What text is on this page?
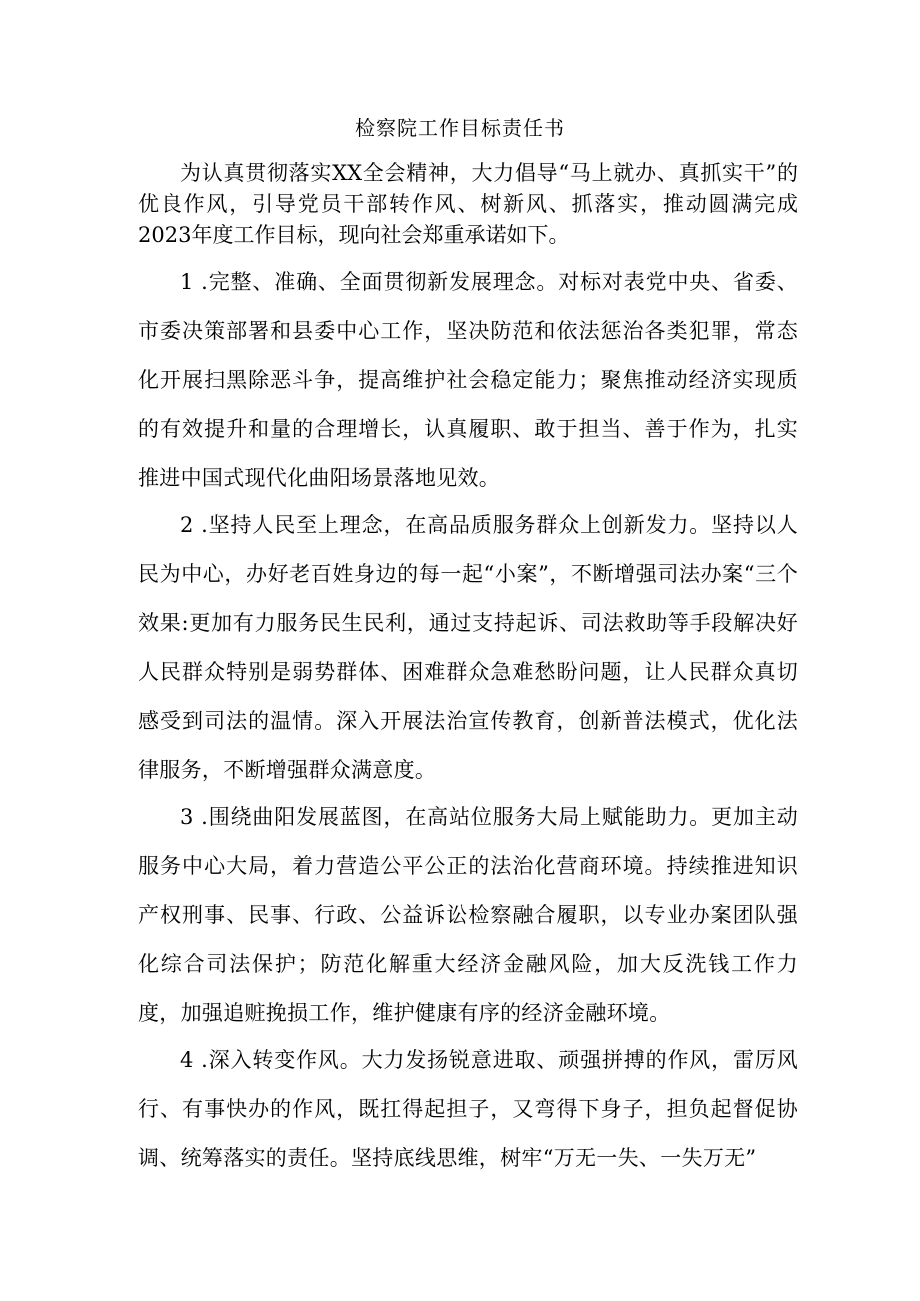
检察院工作目标责任书

为认真贯彻落实XX全会精神，大力倡导“马上就办、真抓实干”的优良作风，引导党员干部转作风、树新风、抓落实，推动圆满完成2023年度工作目标，现向社会郑重承诺如下。

1 .完整、准确、全面贯彻新发展理念。对标对表党中央、省委、市委决策部署和县委中心工作，坚决防范和依法惩治各类犯罪，常态化开展扫黑除恶斗争，提高维护社会稳定能力；聚焦推动经济实现质的有效提升和量的合理增长，认真履职、敢于担当、善于作为，扎实推进中国式现代化曲阳场景落地见效。

2 .坚持人民至上理念，在高品质服务群众上创新发力。坚持以人民为中心，办好老百姓身边的每一起“小案”，不断增强司法办案“三个效果:更加有力服务民生民利，通过支持起诉、司法救助等手段解决好人民群众特别是弱势群体、困难群众急难愁盼问题，让人民群众真切感受到司法的温情。深入开展法治宣传教育，创新普法模式，优化法律服务，不断增强群众满意度。

3 .围绕曲阳发展蓝图，在高站位服务大局上赋能助力。更加主动服务中心大局，着力营造公平公正的法治化营商环境。持续推进知识产权刑事、民事、行政、公益诉讼检察融合履职，以专业办案团队强化综合司法保护；防范化解重大经济金融风险，加大反洗钱工作力度，加强追赃挽损工作，维护健康有序的经济金融环境。

4 .深入转变作风。大力发扬锐意进取、顽强拼搏的作风，雷厉风行、有事快办的作风，既扛得起担子，又弯得下身子，担负起督促协调、统筹落实的责任。坚持底线思维，树牢“万无一失、一失万无”
